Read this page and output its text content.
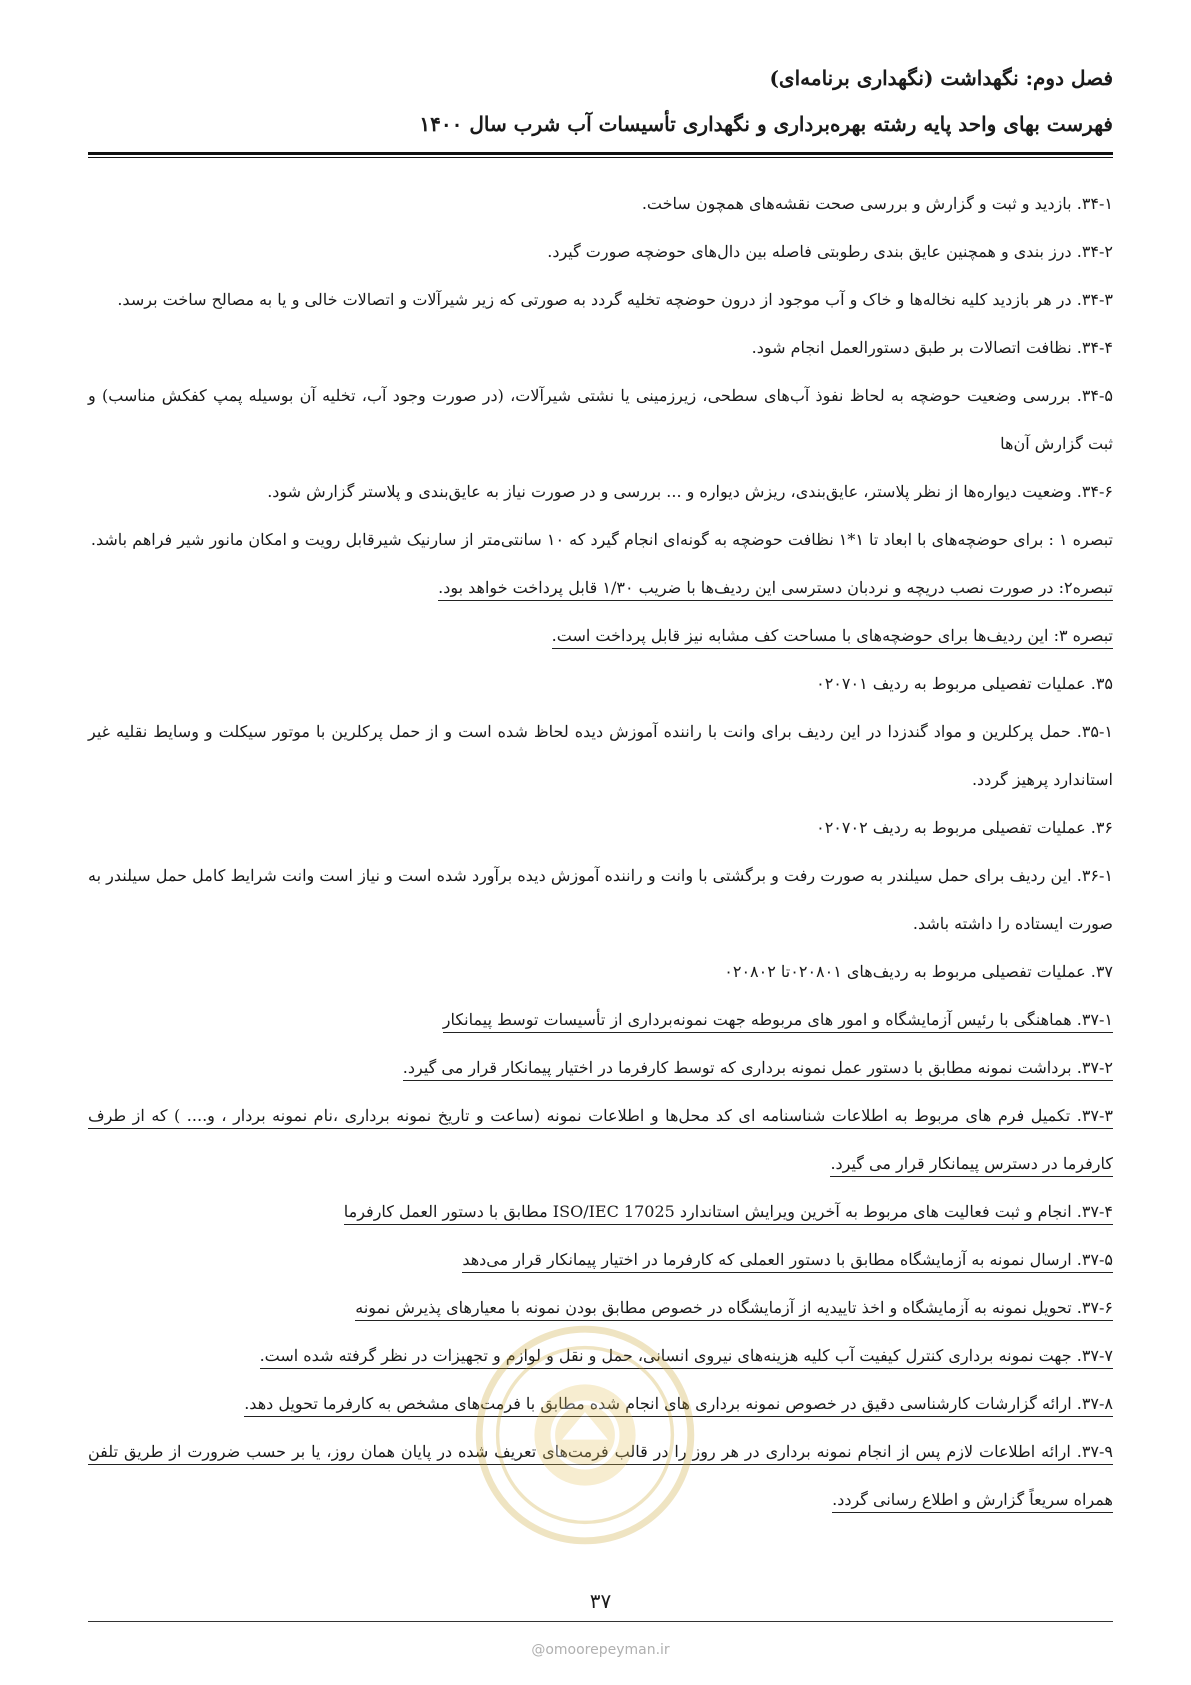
فصل دوم: نگهداشت (نگهداری برنامه‌ای)
فهرست بهای واحد پایه رشته بهره‌برداری و نگهداری تأسیسات آب شرب سال ۱۴۰۰
۳۴-۱. بازدید و ثبت و گزارش و بررسی صحت نقشه‌های همچون ساخت.
۳۴-۲. درز بندی و همچنین عایق بندی رطوبتی فاصله بین دال‌های حوضچه صورت گیرد.
۳۴-۳. در هر بازدید کلیه نخاله‌ها و خاک و آب موجود از درون حوضچه تخلیه گردد به صورتی که زیر شیرآلات و اتصالات خالی و یا به مصالح ساخت برسد.
۳۴-۴. نظافت اتصالات بر طبق دستورالعمل انجام شود.
۳۴-۵. بررسی وضعیت حوضچه به لحاظ نفوذ آب‌های سطحی، زیرزمینی یا نشتی شیرآلات، (در صورت وجود آب، تخلیه آن بوسیله پمپ کفکش مناسب) و ثبت گزارش آن‌ها
۳۴-۶. وضعیت دیواره‌ها از نظر پلاستر، عایق‌بندی، ریزش دیواره و ... بررسی و در صورت نیاز به عایق‌بندی و پلاستر گزارش شود.
تبصره ۱ : برای حوضچه‌های با ابعاد تا ۱*۱ نظافت حوضچه به گونه‌ای انجام گیرد که ۱۰ سانتی‌متر از سارنیک شیرقابل رویت و امکان مانور شیر فراهم باشد.
تبصره۲: در صورت نصب دریچه و نردبان دسترسی این ردیف‌ها با ضریب ۱/۳۰ قابل پرداخت خواهد بود.
تبصره ۳: این ردیف‌ها برای حوضچه‌های با مساحت کف مشابه نیز قابل پرداخت است.
۳۵. عملیات تفصیلی مربوط به ردیف ۰۲۰۷۰۱
۳۵-۱. حمل پرکلرین و مواد گندزدا در این ردیف برای وانت با راننده آموزش دیده لحاظ شده است و از حمل پرکلرین با موتور سیکلت و وسایط نقلیه غیر استاندارد پرهیز گردد.
۳۶. عملیات تفصیلی مربوط به ردیف ۰۲۰۷۰۲
۳۶-۱. این ردیف برای حمل سیلندر به صورت رفت و برگشتی با وانت و راننده آموزش دیده برآورد شده است و نیاز است وانت شرایط کامل حمل سیلندر به صورت ایستاده را داشته باشد.
۳۷. عملیات تفصیلی مربوط به ردیف‌های ۰۲۰۸۰۱تا ۰۲۰۸۰۲
۳۷-۱. هماهنگی با رئیس آزمایشگاه و امور های مربوطه جهت نمونه‌برداری از تأسیسات توسط پیمانکار
۳۷-۲. برداشت نمونه مطابق با دستور عمل نمونه برداری که توسط کارفرما در اختیار پیمانکار قرار می گیرد.
۳۷-۳. تکمیل فرم های مربوط به اطلاعات شناسنامه ای کد محل‌ها و اطلاعات نمونه (ساعت و تاریخ نمونه برداری ،نام نمونه بردار ، و.... ) که از طرف کارفرما در دسترس پیمانکار قرار می گیرد.
۳۷-۴. انجام و ثبت فعالیت های مربوط به آخرین ویرایش استاندارد ISO/IEC 17025 مطابق با دستور العمل کارفرما
۳۷-۵. ارسال نمونه به آزمایشگاه مطابق با دستور العملی که کارفرما در اختیار پیمانکار قرار می‌دهد
۳۷-۶. تحویل نمونه به آزمایشگاه و اخذ تاییدیه از آزمایشگاه در خصوص مطابق بودن نمونه با معیارهای پذیرش نمونه
۳۷-۷. جهت نمونه برداری کنترل کیفیت آب کلیه هزینه‌های نیروی انسانی، حمل و نقل و لوازم و تجهیزات در نظر گرفته شده است.
۳۷-۸. ارائه گزارشات کارشناسی دقیق در خصوص نمونه برداری های انجام شده مطابق با فرمت‌های مشخص به کارفرما تحویل دهد.
۳۷-۹. ارائه اطلاعات لازم پس از انجام نمونه برداری در هر روز را در قالب فرمت‌های تعریف شده در پایان همان روز، یا بر حسب ضرورت از طریق تلفن همراه سریعاً گزارش و اطلاع رسانی گردد.
۳۷
@omoorepeyman.ir
